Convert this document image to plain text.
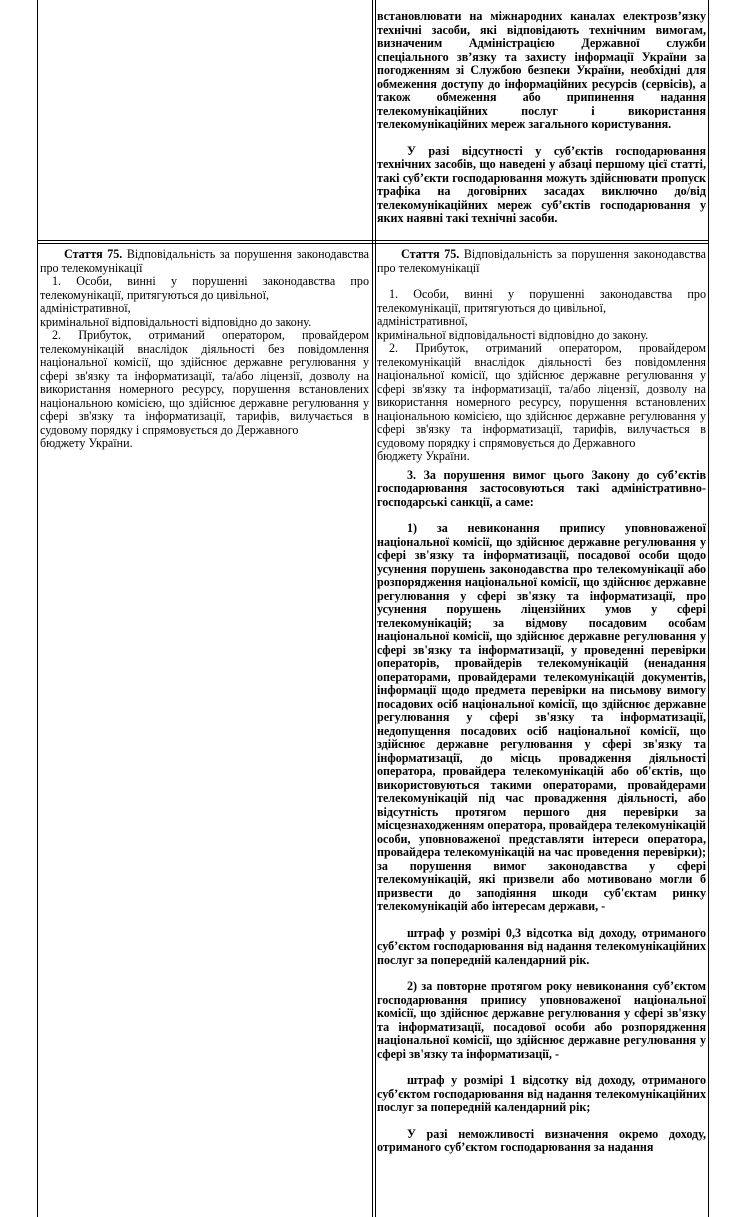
встановлювати на міжнародних каналах електрозв’язку технічні засоби, які відповідають технічним вимогам, визначеним Адміністрацією Державної служби спеціального зв’язку та захисту інформації України за погодженням зі Службою безпеки України, необхідні для обмеження доступу до інформаційних ресурсів (сервісів), а також обмеження або припинення надання телекомунікаційних послуг і використання телекомунікаційних мереж загального користування.

У разі відсутності у суб’єктів господарювання технічних засобів, що наведені у абзаці першому цієї статті, такі суб’єкти господарювання можуть здійснювати пропуск трафіка на договірних засадах виключно до/від телекомунікаційних мереж суб’єктів господарювання у яких наявні такі технічні засоби.

Стаття 75. Відповідальність за порушення законодавства про телекомунікації

1. Особи, винні у порушенні законодавства про телекомунікації, притягуються до цивільної,

адміністративної,

кримінальної відповідальності відповідно до закону.

2. Прибуток, отриманий оператором, провайдером телекомунікацій внаслідок діяльності без повідомлення національної комісії, що здійснює державне регулювання у сфері зв'язку та інформатизації, та/або ліцензії, дозволу на використання номерного ресурсу, порушення встановлених національною комісією, що здійснює державне регулювання у сфері зв'язку та інформатизації, тарифів, вилучається в судовому порядку і спрямовується до Державного

бюджету України.

Стаття 75. Відповідальність за порушення законодавства про телекомунікації

1. Особи, винні у порушенні законодавства про телекомунікації, притягуються до цивільної,

адміністративної,

кримінальної відповідальності відповідно до закону.

2. Прибуток, отриманий оператором, провайдером телекомунікацій внаслідок діяльності без повідомлення національної комісії, що здійснює державне регулювання у сфері зв'язку та інформатизації, та/або ліцензії, дозволу на використання номерного ресурсу, порушення встановлених національною комісією, що здійснює державне регулювання у сфері зв'язку та інформатизації, тарифів, вилучається в судовому порядку і спрямовується до Державного

бюджету України.

3. За порушення вимог цього Закону до суб’єктів господарювання застосовуються такі адміністративно-господарські санкції, а саме:

1) за невиконання припису уповноваженої національної комісії, що здійснює державне регулювання у сфері зв'язку та інформатизації, посадової особи щодо усунення порушень законодавства про телекомунікації або розпорядження національної комісії, що здійснює державне регулювання у сфері зв'язку та інформатизації, про усунення порушень ліцензійних умов у сфері телекомунікацій; за відмову посадовим особам національної комісії, що здійснює державне регулювання у сфері зв'язку та інформатизації, у проведенні перевірки операторів, провайдерів телекомунікацій (ненадання операторами, провайдерами телекомунікацій документів, інформації щодо предмета перевірки на письмову вимогу посадових осіб національної комісії, що здійснює державне регулювання у сфері зв'язку та інформатизації, недопущення посадових осіб національної комісії, що здійснює державне регулювання у сфері зв'язку та інформатизації, до місць провадження діяльності оператора, провайдера телекомунікацій або об'єктів, що використовуються такими операторами, провайдерами телекомунікацій під час провадження діяльності, або відсутність протягом першого дня перевірки за місцезнаходженням оператора, провайдера телекомунікацій особи, уповноваженої представляти інтереси оператора, провайдера телекомунікацій на час проведення перевірки); за порушення вимог законодавства у сфері телекомунікацій, які призвели або мотивовано могли б призвести до заподіяння шкоди суб'єктам ринку телекомунікацій або інтересам держави, -

штраф у розмірі 0,3 відсотка від доходу, отриманого суб’єктом господарювання від надання телекомунікаційних послуг за попередній календарний рік.

2) за повторне протягом року невиконання суб’єктом господарювання припису уповноваженої національної комісії, що здійснює державне регулювання у сфері зв'язку та інформатизації, посадової особи або розпорядження національної комісії, що здійснює державне регулювання у сфері зв'язку та інформатизації, -

штраф у розмірі 1 відсотку від доходу, отриманого суб’єктом господарювання від надання телекомунікаційних послуг за попередній календарний рік;

У разі неможливості визначення окремо доходу, отриманого суб’єктом господарювання за надання
